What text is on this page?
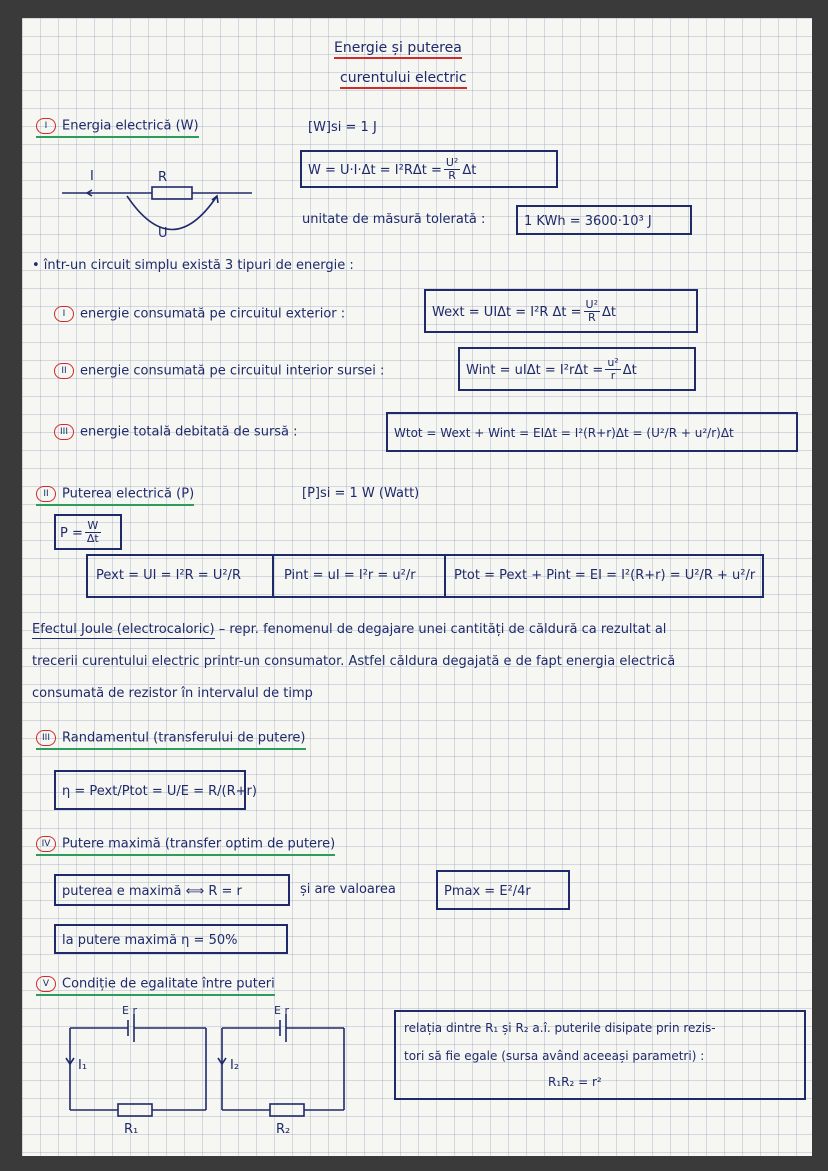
Energie și puterea
curentului electric
I Energia electrică (W)	[W]si = 1 J
$W = U\cdot I\cdot\Delta t = I^2R\Delta t = \frac{\text{U²}}{R}$ Δt
I	R
U
unitate de măsură tolerată :	1 KWh = 3600·10³ J
• într-un circuit simplu există 3 tipuri de energie :
I energie consumată pe circuitul exterior :	Wext = UIΔt = I²R $\Delta t = \frac{\text{U²}}{R}$ Δt
II energie consumată pe circuitul interior sursei :	Wint = $uI\Delta t = I^2r\Delta t = \frac{\text{u²}}{r}$ Δt
III energie totală debitată de sursă :	Wtot = Wext + Wint = EIΔt = I²(R+r)Δt = (U²/R + u²/r)Δt
II Puterea electrică (P)	[P]si = 1 W (Watt)
$P = \frac{W}{\Delta t}$
Pext = UI = I²R = U²/R	Pint = uI = I²r = u²/r	Ptot = Pext + Pint = EI = I²(R+r) = U²/R + u²/r
Efectul Joule (electrocaloric) – repr. fenomenul de degajare unei cantități de căldură ca rezultat al
trecerii curentului electric printr-un consumator. Astfel căldura degajată e de fapt energia electrică
consumată de rezistor în intervalul de timp
III Randamentul (transferului de putere)
η = Pext/Ptot = U/E = R/(R+r)
IV Putere maximă (transfer optim de putere)
puterea e maximă ⟺ R = r	și are valoarea	Pmax = E²/4r
la putere maximă η = 50%
V Condiție de egalitate între puteri
E r
I₁
R₁
E r
I₂
R₂
relația dintre R₁ și R₂ a.î. puterile disipate prin rezis-
tori să fie egale (sursa având aceeași parametri) :
R₁R₂ = r²
